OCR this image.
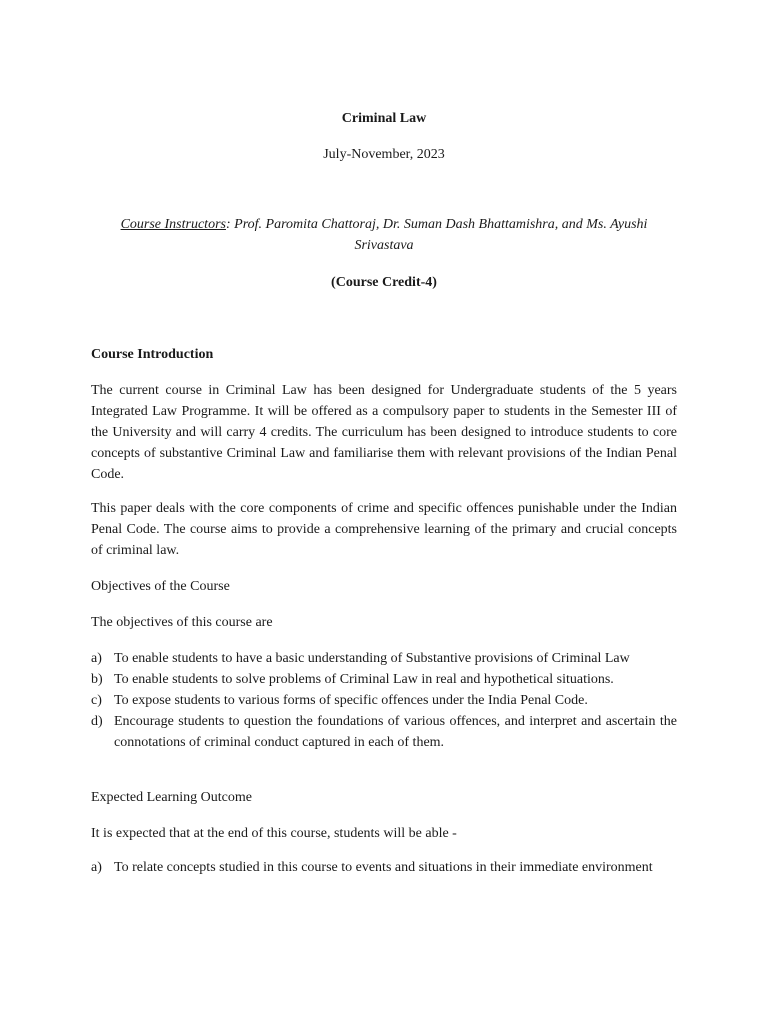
Criminal Law
July-November, 2023
Course Instructors: Prof. Paromita Chattoraj, Dr. Suman Dash Bhattamishra, and Ms. Ayushi Srivastava
(Course Credit-4)
Course Introduction
The current course in Criminal Law has been designed for Undergraduate students of the 5 years Integrated Law Programme. It will be offered as a compulsory paper to students in the Semester III of the University and will carry 4 credits. The curriculum has been designed to introduce students to core concepts of substantive Criminal Law and familiarise them with relevant provisions of the Indian Penal Code.
This paper deals with the core components of crime and specific offences punishable under the Indian Penal Code. The course aims to provide a comprehensive learning of the primary and crucial concepts of criminal law.
Objectives of the Course
The objectives of this course are
a) To enable students to have a basic understanding of Substantive provisions of Criminal Law
b) To enable students to solve problems of Criminal Law in real and hypothetical situations.
c) To expose students to various forms of specific offences under the India Penal Code.
d) Encourage students to question the foundations of various offences, and interpret and ascertain the connotations of criminal conduct captured in each of them.
Expected Learning Outcome
It is expected that at the end of this course, students will be able -
a) To relate concepts studied in this course to events and situations in their immediate environment
